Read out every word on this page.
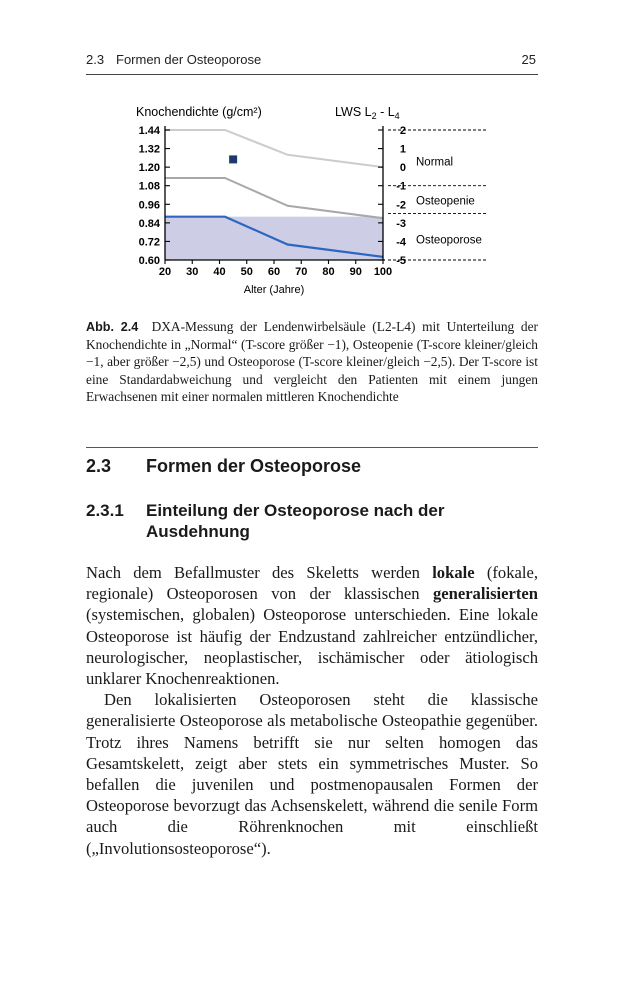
2.3 Formen der Osteoporose	25
Knochendichte (g/cm²)	LWS $L_2 - L_4$
1.44
1.32
1.20
1.08
0.96
0.84
0.72
0.60
2
1
0
-1
-2
-3
-4
-5
20 30 40 50 60 70 80 90 100
Alter (Jahre)
Normal
Osteopenie
Osteoporose
Abb. 2.4 DXA-Messung der Lendenwirbelsäule (L2-L4) mit Unterteilung der Knochendichte in „Normal“ (T-score größer −1), Osteopenie (T-score kleiner/gleich −1, aber größer −2,5) und Osteoporose (T-score kleiner/gleich −2,5). Der T-score ist eine Standardabweichung und vergleicht den Patienten mit einem jungen Erwachsenen mit einer normalen mittleren Knochendichte
2.3 Formen der Osteoporose
2.3.1 Einteilung der Osteoporose nach der Ausdehnung

Nach dem Befallmuster des Skeletts werden lokale (fokale, regionale) Osteoporosen von der klassischen generalisierten (systemischen, globalen) Osteoporose unterschieden. Eine lokale Osteoporose ist häufig der Endzustand zahlreicher entzündlicher, neurologischer, neoplastischer, ischämischer oder ätiologisch unklarer Knochenreaktionen.

Den lokalisierten Osteoporosen steht die klassische generalisierte Osteoporose als metabolische Osteopathie gegenüber. Trotz ihres Namens betrifft sie nur selten homogen das Gesamtskelett, zeigt aber stets ein symmetrisches Muster. So befallen die juvenilen und postmenopausalen Formen der Osteoporose bevorzugt das Achsenskelett, während die senile Form auch die Röhrenknochen mit einschließt („Involutionsosteoporose“).
